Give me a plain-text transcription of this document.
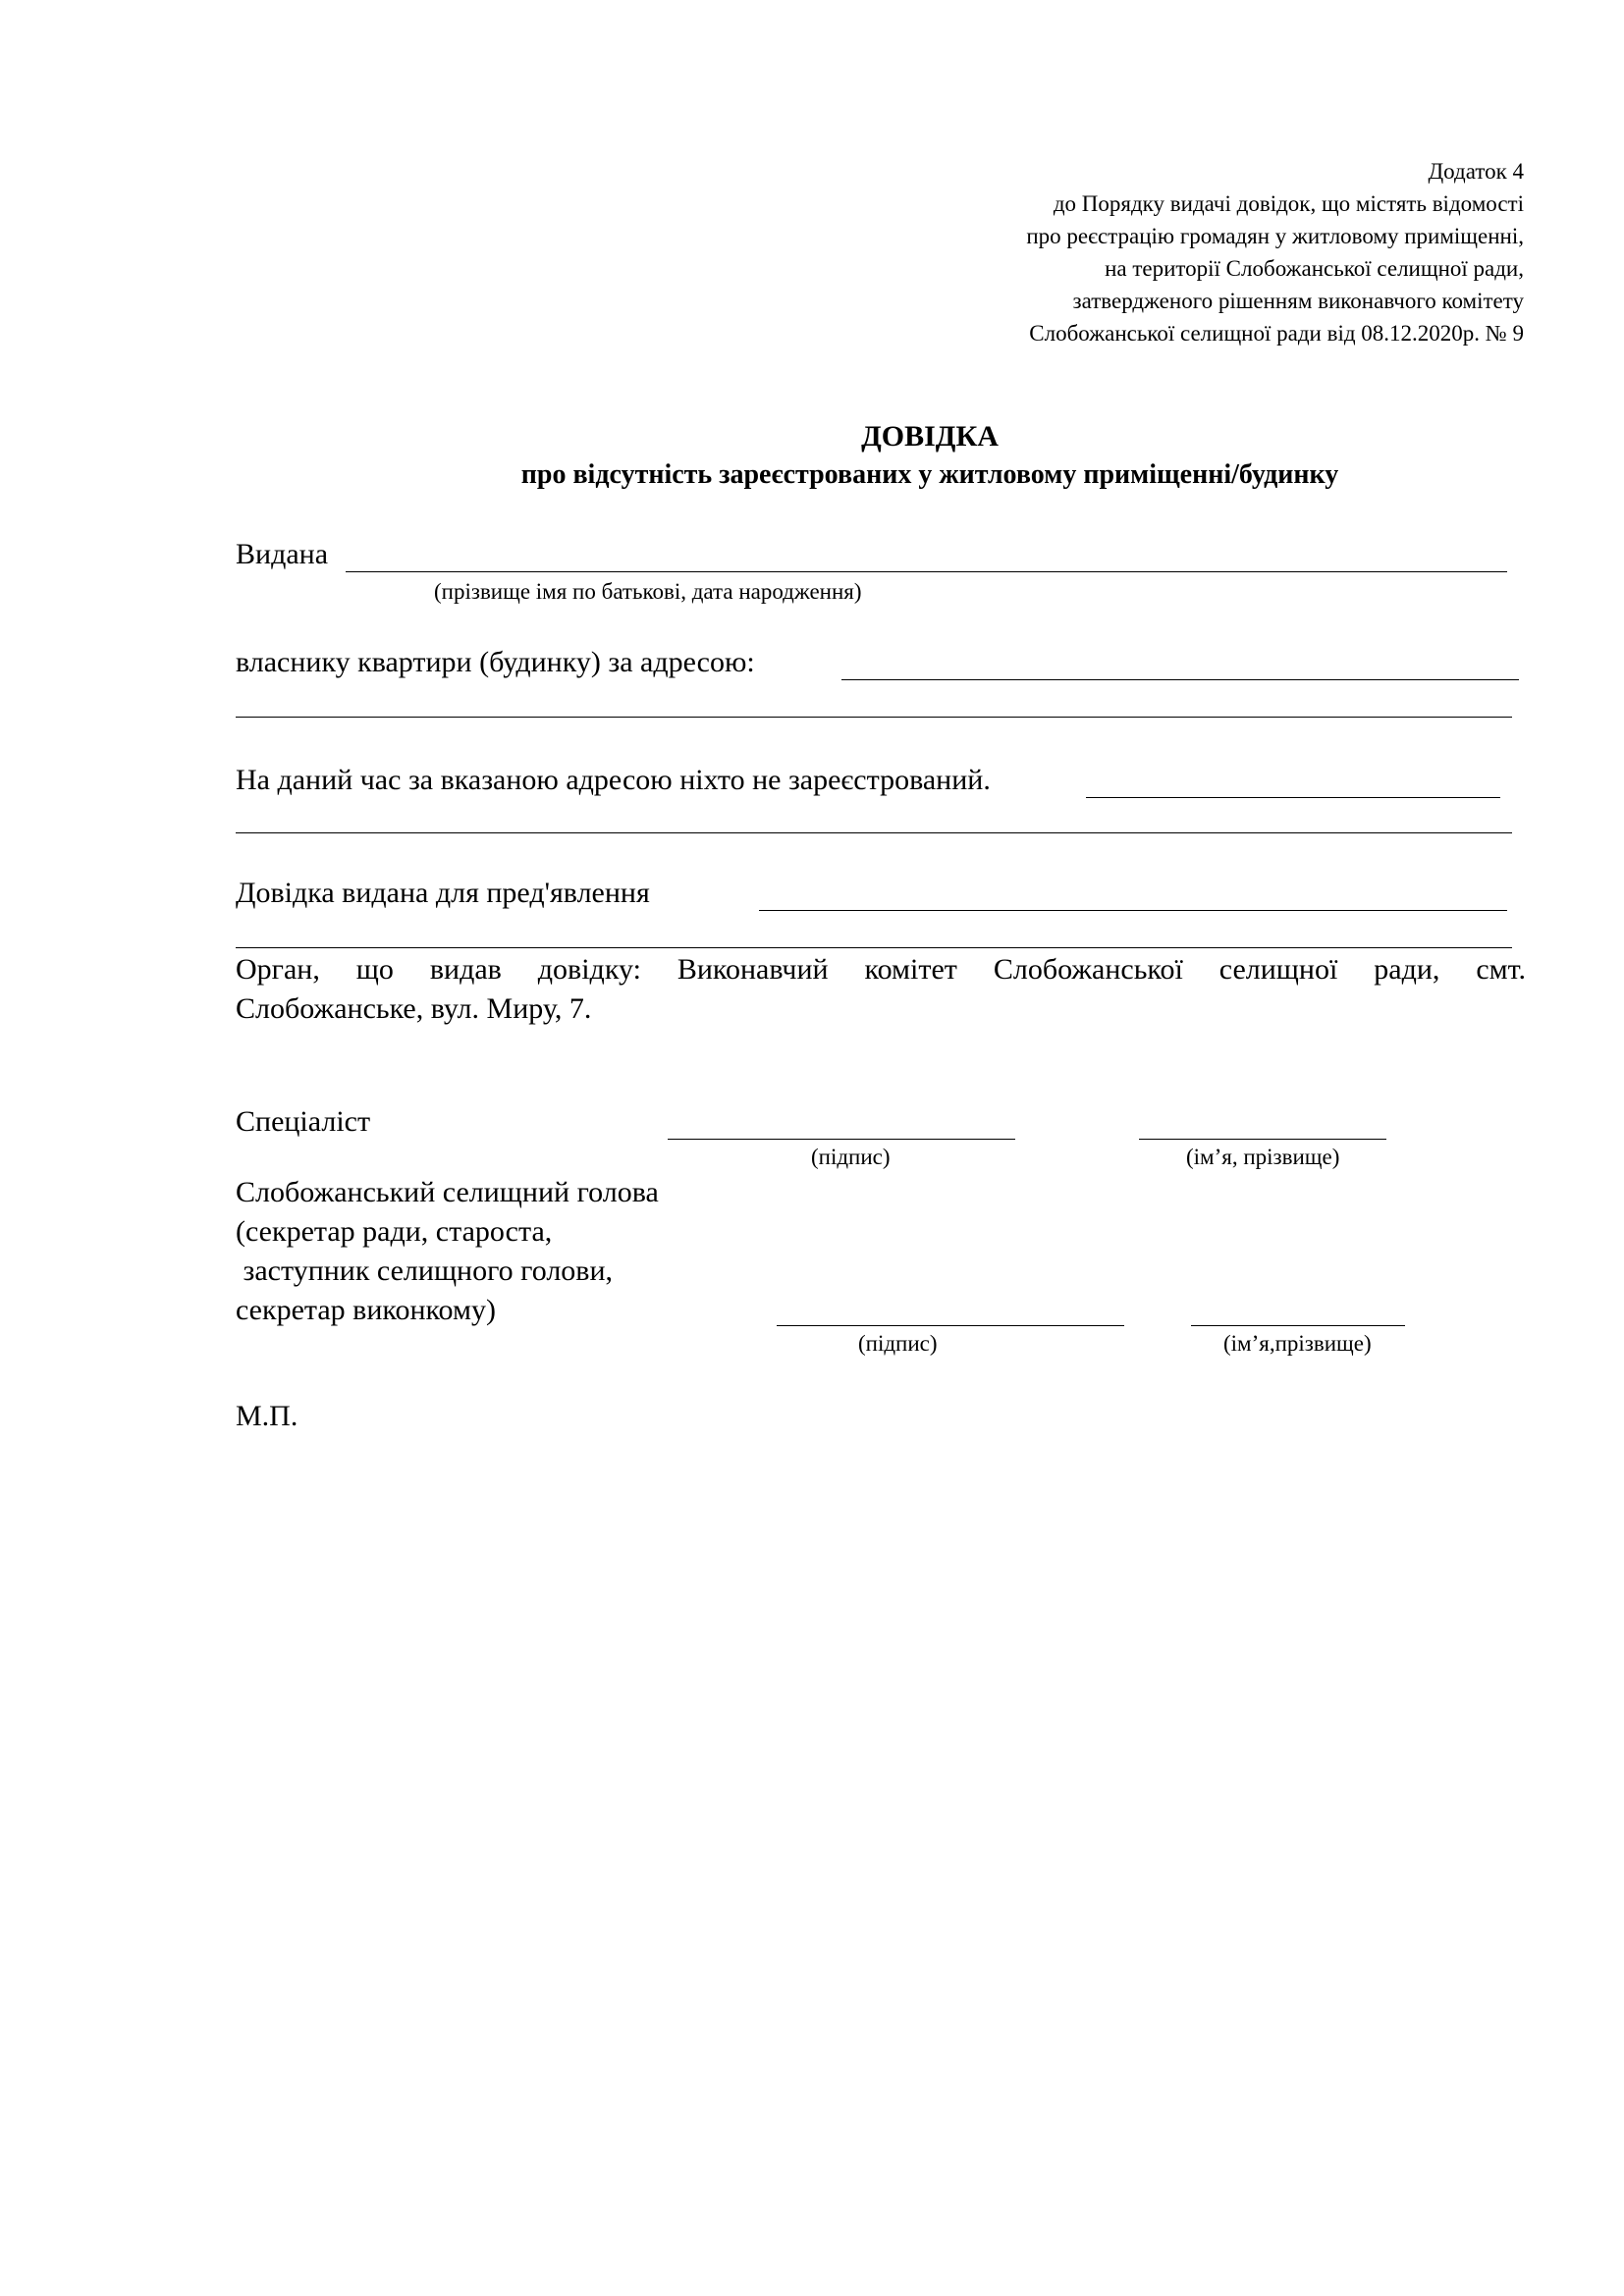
Додаток 4
до Порядку видачі довідок, що містять відомості
про реєстрацію громадян у житловому приміщенні,
на території Слобожанської селищної ради,
затвердженого рішенням виконавчого комітету
Слобожанської селищної ради від 08.12.2020р. № 9
ДОВІДКА
про відсутність зареєстрованих у житловому приміщенні/будинку
Видана
(прізвище імя по батькові, дата народження)
власнику квартири (будинку) за адресою:
На даний час за вказаною адресою ніхто не зареєстрований.
Довідка видана для пред'явлення
Орган, що видав довідку: Виконавчий комітет Слобожанської селищної ради, смт.
Слобожанське, вул. Миру, 7.
Спеціаліст
(підпис)	(ім’я, прізвище)
Слобожанський селищний голова
(секретар ради, староста,
заступник селищного голови,
секретар виконкому)
(підпис)	(ім’я,прізвище)
М.П.
